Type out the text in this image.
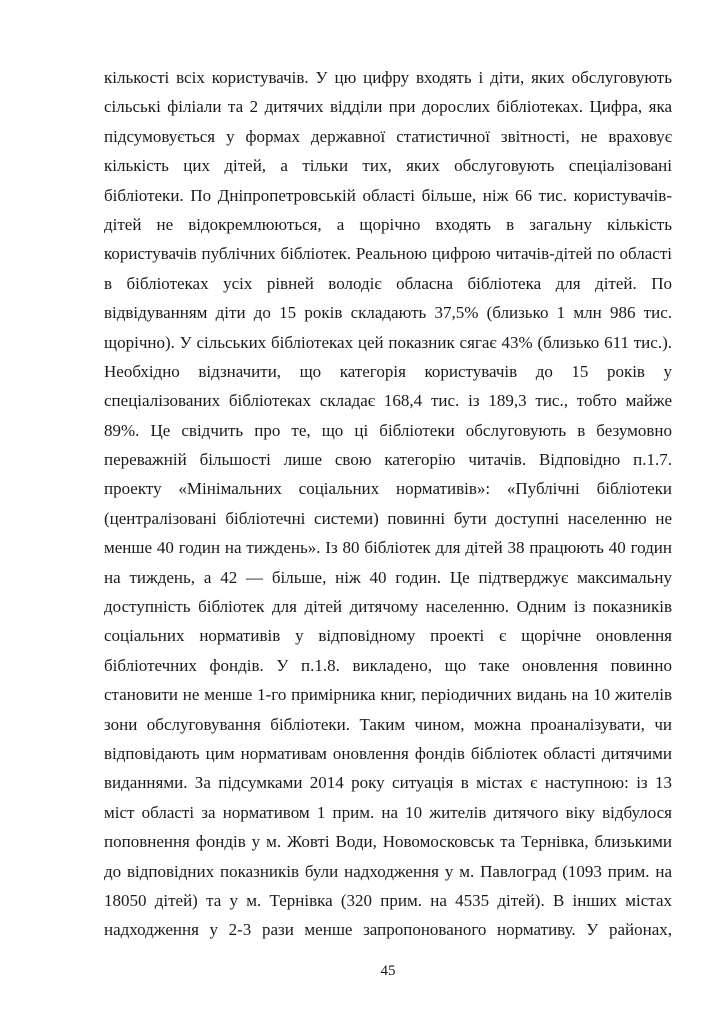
кількості всіх користувачів. У цю цифру входять і діти, яких обслуговують
сільські філіали та 2 дитячих відділи при дорослих бібліотеках. Цифра, яка
підсумовується у формах державної статистичної звітності, не враховує
кількість цих дітей, а тільки тих, яких обслуговують спеціалізовані
бібліотеки. По Дніпропетровській області більше, ніж 66 тис. користувачів-
дітей не відокремлюються, а щорічно входять в загальну кількість
користувачів публічних бібліотек. Реальною цифрою читачів-дітей по області
в бібліотеках усіх рівней володіє обласна бібліотека для дітей. По
відвідуванням діти до 15 років складають 37,5% (близько 1 млн 986 тис.
щорічно). У сільських бібліотеках цей показник сягає 43% (близько 611 тис.).
Необхідно відзначити, що категорія користувачів до 15 років у
спеціалізованих бібліотеках складає 168,4 тис. із 189,3 тис., тобто майже
89%. Це свідчить про те, що ці бібліотеки обслуговують в безумовно
переважній більшості лише свою категорію читачів. Відповідно п.1.7.
проекту «Мінімальних соціальних нормативів»: «Публічні бібліотеки
(централізовані бібліотечні системи) повинні бути доступні населенню не
менше 40 годин на тиждень». Із 80 бібліотек для дітей 38 працюють 40 годин
на тиждень, а 42 — більше, ніж 40 годин. Це підтверджує максимальну
доступність бібліотек для дітей дитячому населенню. Одним із показників
соціальних нормативів у відповідному проекті є щорічне оновлення
бібліотечних фондів. У п.1.8. викладено, що таке оновлення повинно
становити не менше 1-го примірника книг, періодичних видань на 10 жителів
зони обслуговування бібліотеки. Таким чином, можна проаналізувати, чи
відповідають цим нормативам оновлення фондів бібліотек області дитячими
виданнями. За підсумками 2014 року ситуація в містах є наступною: із 13
міст області за нормативом 1 прим. на 10 жителів дитячого віку відбулося
поповнення фондів у м. Жовті Води, Новомосковськ та Тернівка, близькими
до відповідних показників були надходження у м. Павлоград (1093 прим. на
18050 дітей) та у м. Тернівка (320 прим. на 4535 дітей). В інших містах
надходження у 2-3 рази менше запропонованого нормативу. У районах,
45
